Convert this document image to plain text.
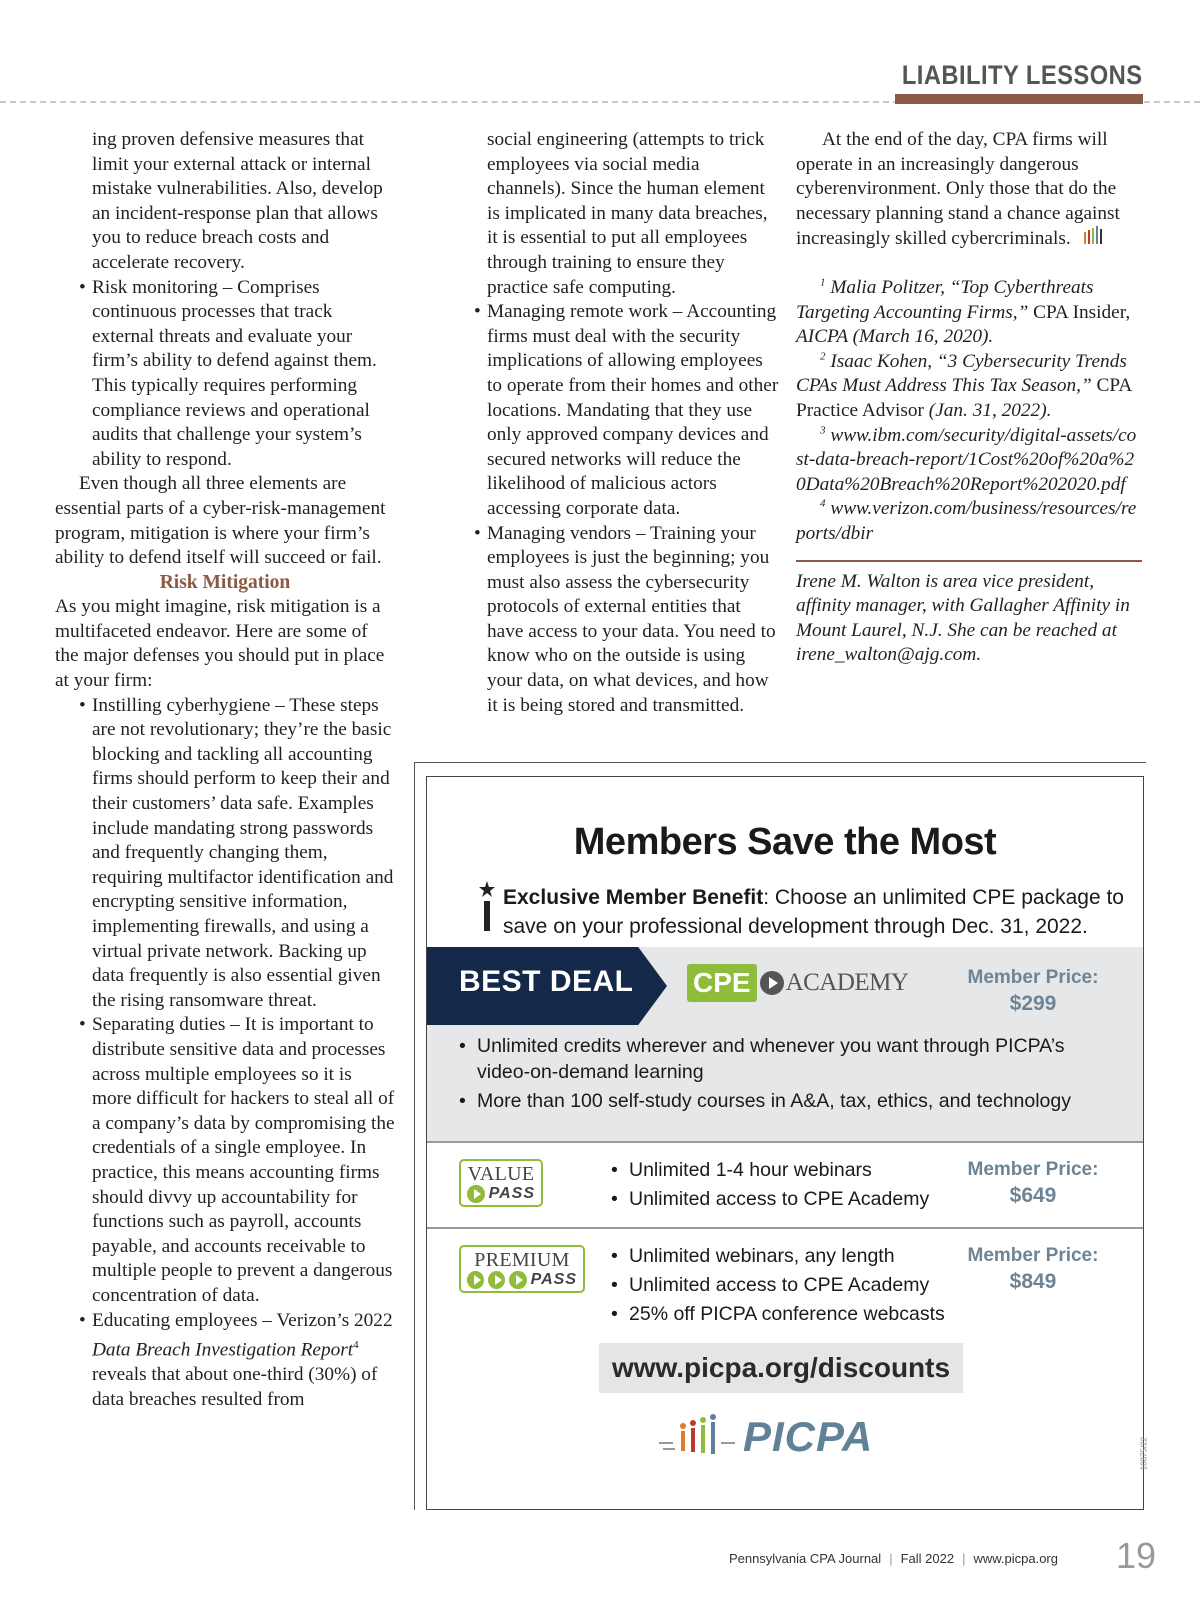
LIABILITY LESSONS

ing proven defensive measures that limit your external attack or internal mistake vulnerabilities. Also, develop an incident-response plan that allows you to reduce breach costs and accelerate recovery.

• Risk monitoring – Comprises continuous processes that track external threats and evaluate your firm’s ability to defend against them. This typically requires performing compliance reviews and operational audits that challenge your system’s ability to respond.

Even though all three elements are essential parts of a cyber-risk-management program, mitigation is where your firm’s ability to defend itself will succeed or fail.

Risk Mitigation

As you might imagine, risk mitigation is a multifaceted endeavor. Here are some of the major defenses you should put in place at your firm:

• Instilling cyberhygiene – These steps are not revolutionary; they’re the basic blocking and tackling all accounting firms should perform to keep their and their customers’ data safe. Examples include mandating strong passwords and frequently changing them, requiring multifactor identification and encrypting sensitive information, implementing firewalls, and using a virtual private network. Backing up data frequently is also essential given the rising ransomware threat.

• Separating duties – It is important to distribute sensitive data and processes across multiple employees so it is more difficult for hackers to steal all of a company’s data by compromising the credentials of a single employee. In practice, this means accounting firms should divvy up accountability for functions such as payroll, accounts payable, and accounts receivable to multiple people to prevent a dangerous concentration of data.

• Educating employees – Verizon’s 2022 Data Breach Investigation Report$^4$ reveals that about one-third (30%) of data breaches resulted from

social engineering (attempts to trick employees via social media channels). Since the human element is implicated in many data breaches, it is essential to put all employees through training to ensure they practice safe computing.

• Managing remote work – Accounting firms must deal with the security implications of allowing employees to operate from their homes and other locations. Mandating that they use only approved company devices and secured networks will reduce the likelihood of malicious actors accessing corporate data.

• Managing vendors – Training your employees is just the beginning; you must also assess the cybersecurity protocols of external entities that have access to your data. You need to know who on the outside is using your data, on what devices, and how it is being stored and transmitted.

At the end of the day, CPA firms will operate in an increasingly dangerous cyberenvironment. Only those that do the necessary planning stand a chance against increasingly skilled cybercriminals.

$^1$ Malia Politzer, “Top Cyberthreats Targeting Accounting Firms,” CPA Insider, AICPA (March 16, 2020).

$^2$ Isaac Kohen, “3 Cybersecurity Trends CPAs Must Address This Tax Season,” CPA Practice Advisor (Jan. 31, 2022).

$^3$ www.ibm.com/security/digital-assets/cost-data-breach-report/1Cost%20of%20a%20Data%20Breach%20Report%202020.pdf

$^4$ www.verizon.com/business/resources/reports/dbir

Irene M. Walton is area vice president, affinity manager, with Gallagher Affinity in Mount Laurel, N.J. She can be reached at irene_walton@ajg.com.

Members Save the Most
Exclusive Member Benefit: Choose an unlimited CPE package to save on your professional development through Dec. 31, 2022.
BEST DEAL CPE ACADEMY	Member Price:
$299
• Unlimited credits wherever and whenever you want through PICPA’s video-on-demand learning
• More than 100 self-study courses in A&A, tax, ethics, and technology
VALUE
PASS
• Unlimited 1-4 hour webinars
• Unlimited access to CPE Academy
Member Price:
$649
PREMIUM
PASS
• Unlimited webinars, any length
• Unlimited access to CPE Academy
• 25% off PICPA conference webcasts
Member Price:
$849
www.picpa.org/discounts
PICPA	10875/22
Pennsylvania CPA Journal | Fall 2022 | www.picpa.org 19
